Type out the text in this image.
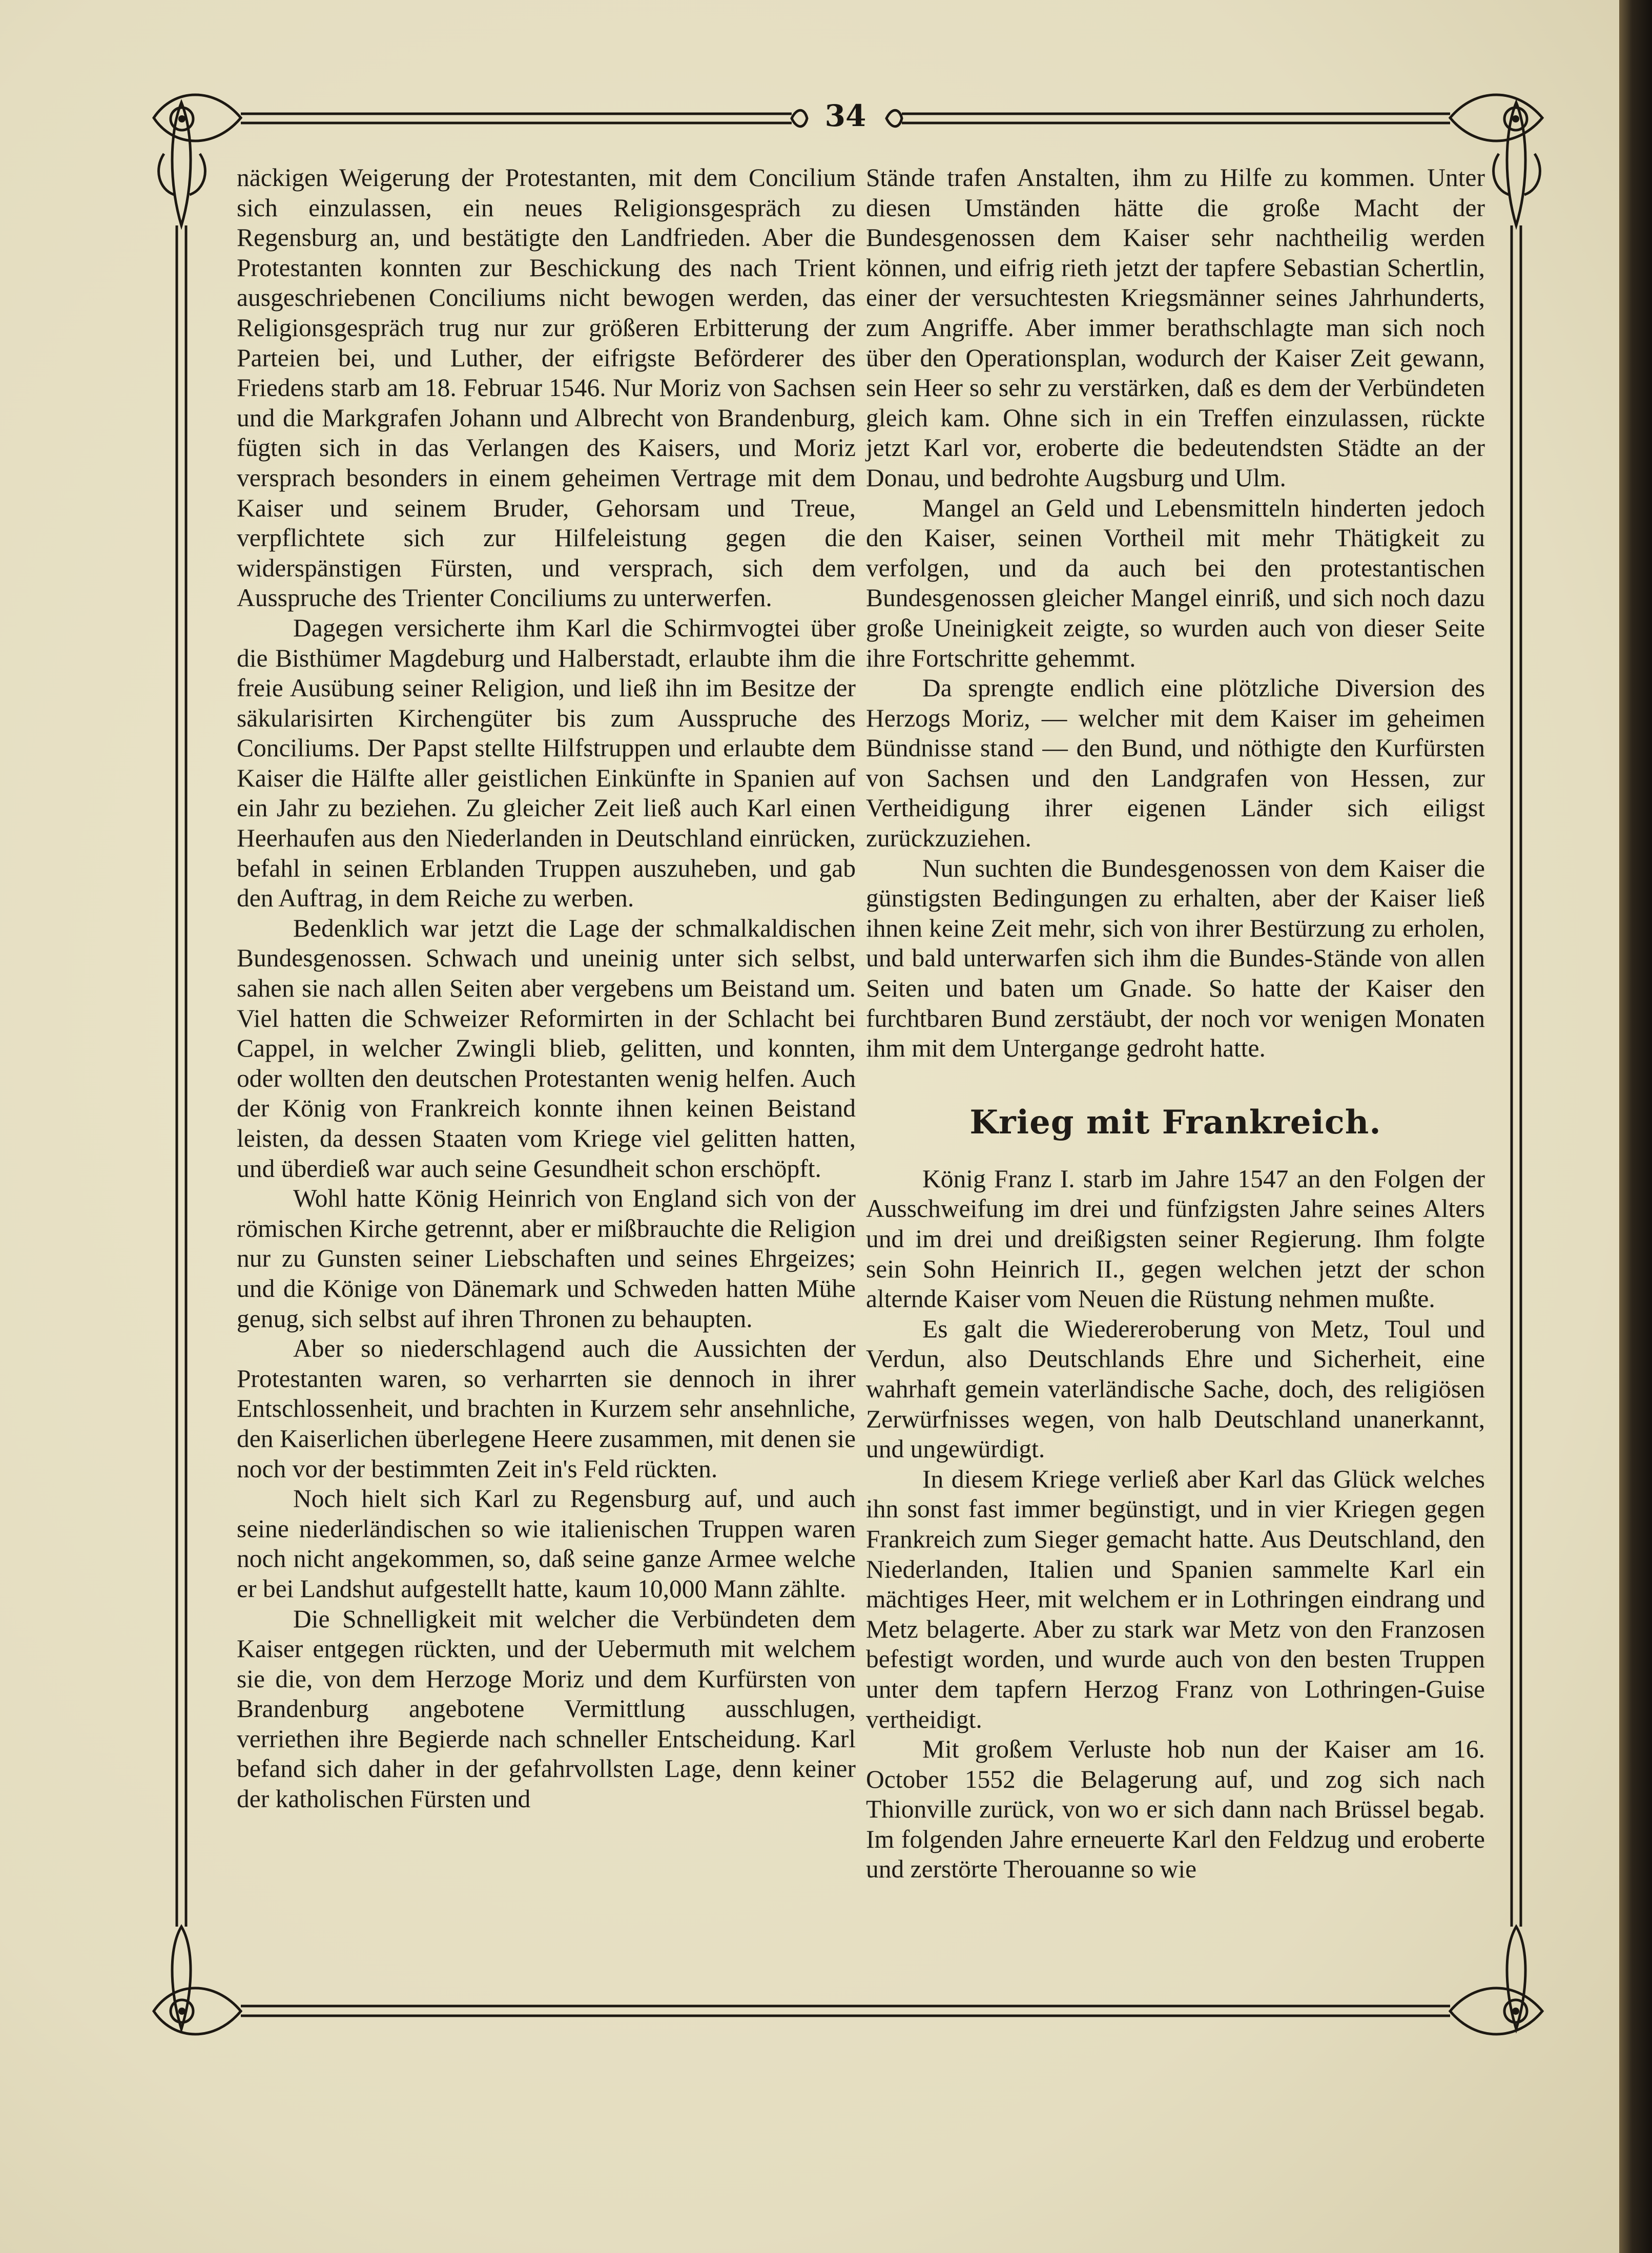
34

näckigen Weigerung der Protestanten, mit dem Concilium sich einzulassen, ein neues Religionsgespräch zu Regensburg an, und bestätigte den Landfrieden. Aber die Protestanten konnten zur Beschickung des nach Trient ausgeschriebenen Conciliums nicht bewogen werden, das Religionsgespräch trug nur zur größeren Erbitterung der Parteien bei, und Luther, der eifrigste Beförderer des Friedens starb am 18. Februar 1546. Nur Moriz von Sachsen und die Markgrafen Johann und Albrecht von Brandenburg, fügten sich in das Verlangen des Kaisers, und Moriz versprach besonders in einem geheimen Vertrage mit dem Kaiser und seinem Bruder, Gehorsam und Treue, verpflichtete sich zur Hilfeleistung gegen die widerspänstigen Fürsten, und versprach, sich dem Ausspruche des Trienter Conciliums zu unterwerfen.

Dagegen versicherte ihm Karl die Schirmvogtei über die Bisthümer Magdeburg und Halberstadt, erlaubte ihm die freie Ausübung seiner Religion, und ließ ihn im Besitze der säkularisirten Kirchengüter bis zum Ausspruche des Conciliums. Der Papst stellte Hilfstruppen und erlaubte dem Kaiser die Hälfte aller geistlichen Einkünfte in Spanien auf ein Jahr zu beziehen. Zu gleicher Zeit ließ auch Karl einen Heerhaufen aus den Niederlanden in Deutschland einrücken, befahl in seinen Erblanden Truppen auszuheben, und gab den Auftrag, in dem Reiche zu werben.

Bedenklich war jetzt die Lage der schmalkaldischen Bundesgenossen. Schwach und uneinig unter sich selbst, sahen sie nach allen Seiten aber vergebens um Beistand um. Viel hatten die Schweizer Reformirten in der Schlacht bei Cappel, in welcher Zwingli blieb, gelitten, und konnten, oder wollten den deutschen Protestanten wenig helfen. Auch der König von Frankreich konnte ihnen keinen Beistand leisten, da dessen Staaten vom Kriege viel gelitten hatten, und überdieß war auch seine Gesundheit schon erschöpft.

Wohl hatte König Heinrich von England sich von der römischen Kirche getrennt, aber er mißbrauchte die Religion nur zu Gunsten seiner Liebschaften und seines Ehrgeizes; und die Könige von Dänemark und Schweden hatten Mühe genug, sich selbst auf ihren Thronen zu behaupten.

Aber so niederschlagend auch die Aussichten der Protestanten waren, so verharrten sie dennoch in ihrer Entschlossenheit, und brachten in Kurzem sehr ansehnliche, den Kaiserlichen überlegene Heere zusammen, mit denen sie noch vor der bestimmten Zeit in's Feld rückten.

Noch hielt sich Karl zu Regensburg auf, und auch seine niederländischen so wie italienischen Truppen waren noch nicht angekommen, so, daß seine ganze Armee welche er bei Landshut aufgestellt hatte, kaum 10,000 Mann zählte.

Die Schnelligkeit mit welcher die Verbündeten dem Kaiser entgegen rückten, und der Uebermuth mit welchem sie die, von dem Herzoge Moriz und dem Kurfürsten von Brandenburg angebotene Vermittlung ausschlugen, verriethen ihre Begierde nach schneller Entscheidung. Karl befand sich daher in der gefahrvollsten Lage, denn keiner der katholischen Fürsten und

Stände trafen Anstalten, ihm zu Hilfe zu kommen. Unter diesen Umständen hätte die große Macht der Bundesgenossen dem Kaiser sehr nachtheilig werden können, und eifrig rieth jetzt der tapfere Sebastian Schertlin, einer der versuchtesten Kriegsmänner seines Jahrhunderts, zum Angriffe. Aber immer berathschlagte man sich noch über den Operationsplan, wodurch der Kaiser Zeit gewann, sein Heer so sehr zu verstärken, daß es dem der Verbündeten gleich kam. Ohne sich in ein Treffen einzulassen, rückte jetzt Karl vor, eroberte die bedeutendsten Städte an der Donau, und bedrohte Augsburg und Ulm.

Mangel an Geld und Lebensmitteln hinderten jedoch den Kaiser, seinen Vortheil mit mehr Thätigkeit zu verfolgen, und da auch bei den protestantischen Bundesgenossen gleicher Mangel einriß, und sich noch dazu große Uneinigkeit zeigte, so wurden auch von dieser Seite ihre Fortschritte gehemmt.

Da sprengte endlich eine plötzliche Diversion des Herzogs Moriz, — welcher mit dem Kaiser im geheimen Bündnisse stand — den Bund, und nöthigte den Kurfürsten von Sachsen und den Landgrafen von Hessen, zur Vertheidigung ihrer eigenen Länder sich eiligst zurückzuziehen.

Nun suchten die Bundesgenossen von dem Kaiser die günstigsten Bedingungen zu erhalten, aber der Kaiser ließ ihnen keine Zeit mehr, sich von ihrer Bestürzung zu erholen, und bald unterwarfen sich ihm die Bundes-Stände von allen Seiten und baten um Gnade. So hatte der Kaiser den furchtbaren Bund zerstäubt, der noch vor wenigen Monaten ihm mit dem Untergange gedroht hatte.

Krieg mit Frankreich.

König Franz I. starb im Jahre 1547 an den Folgen der Ausschweifung im drei und fünfzigsten Jahre seines Alters und im drei und dreißigsten seiner Regierung. Ihm folgte sein Sohn Heinrich II., gegen welchen jetzt der schon alternde Kaiser vom Neuen die Rüstung nehmen mußte.

Es galt die Wiedereroberung von Metz, Toul und Verdun, also Deutschlands Ehre und Sicherheit, eine wahrhaft gemein vaterländische Sache, doch, des religiösen Zerwürfnisses wegen, von halb Deutschland unanerkannt, und ungewürdigt.

In diesem Kriege verließ aber Karl das Glück welches ihn sonst fast immer begünstigt, und in vier Kriegen gegen Frankreich zum Sieger gemacht hatte. Aus Deutschland, den Niederlanden, Italien und Spanien sammelte Karl ein mächtiges Heer, mit welchem er in Lothringen eindrang und Metz belagerte. Aber zu stark war Metz von den Franzosen befestigt worden, und wurde auch von den besten Truppen unter dem tapfern Herzog Franz von Lothringen-Guise vertheidigt.

Mit großem Verluste hob nun der Kaiser am 16. October 1552 die Belagerung auf, und zog sich nach Thionville zurück, von wo er sich dann nach Brüssel begab. Im folgenden Jahre erneuerte Karl den Feldzug und eroberte und zerstörte Therouanne so wie
